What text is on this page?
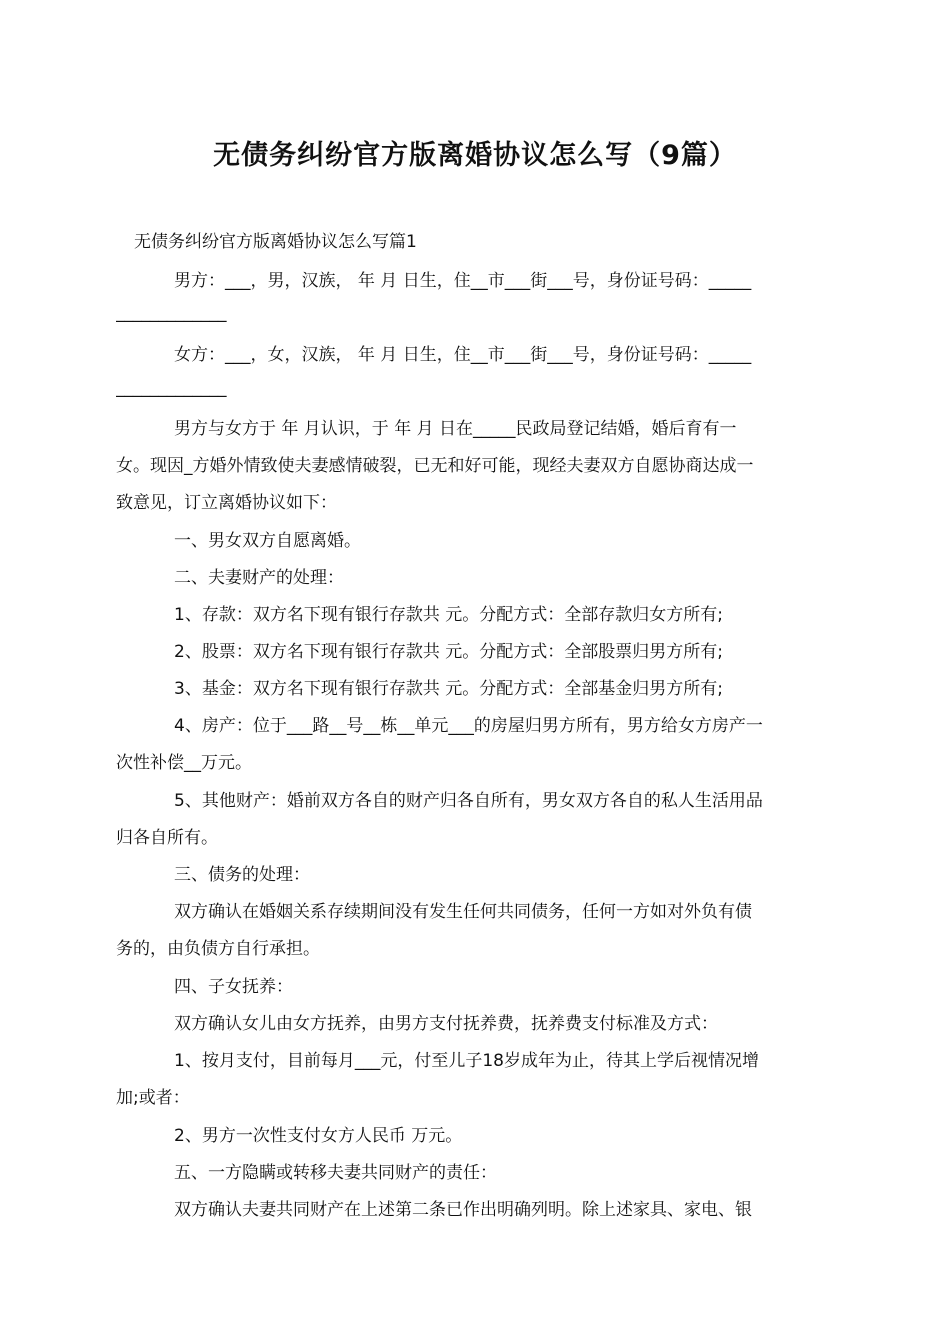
无债务纠纷官方版离婚协议怎么写（9篇）
无债务纠纷官方版离婚协议怎么写篇1
男方：___，男，汉族， 年 月 日生，住__市___街___号，身份证号码：_____
_____________
女方：___，女，汉族， 年 月 日生，住__市___街___号，身份证号码：_____
_____________
男方与女方于 年 月认识，于 年 月 日在_____民政局登记结婚，婚后育有一
女。现因_方婚外情致使夫妻感情破裂，已无和好可能，现经夫妻双方自愿协商达成一
致意见，订立离婚协议如下：
一、男女双方自愿离婚。
二、夫妻财产的处理：
1、存款：双方名下现有银行存款共 元。分配方式：全部存款归女方所有;
2、股票：双方名下现有银行存款共 元。分配方式：全部股票归男方所有;
3、基金：双方名下现有银行存款共 元。分配方式：全部基金归男方所有;
4、房产：位于___路__号__栋__单元___的房屋归男方所有，男方给女方房产一
次性补偿__万元。
5、其他财产：婚前双方各自的财产归各自所有，男女双方各自的私人生活用品
归各自所有。
三、债务的处理：
双方确认在婚姻关系存续期间没有发生任何共同债务，任何一方如对外负有债
务的，由负债方自行承担。
四、子女抚养：
双方确认女儿由女方抚养，由男方支付抚养费，抚养费支付标准及方式：
1、按月支付，目前每月___元，付至儿子18岁成年为止，待其上学后视情况增
加;或者：
2、男方一次性支付女方人民币 万元。
五、一方隐瞒或转移夫妻共同财产的责任：
双方确认夫妻共同财产在上述第二条已作出明确列明。除上述家具、家电、银
